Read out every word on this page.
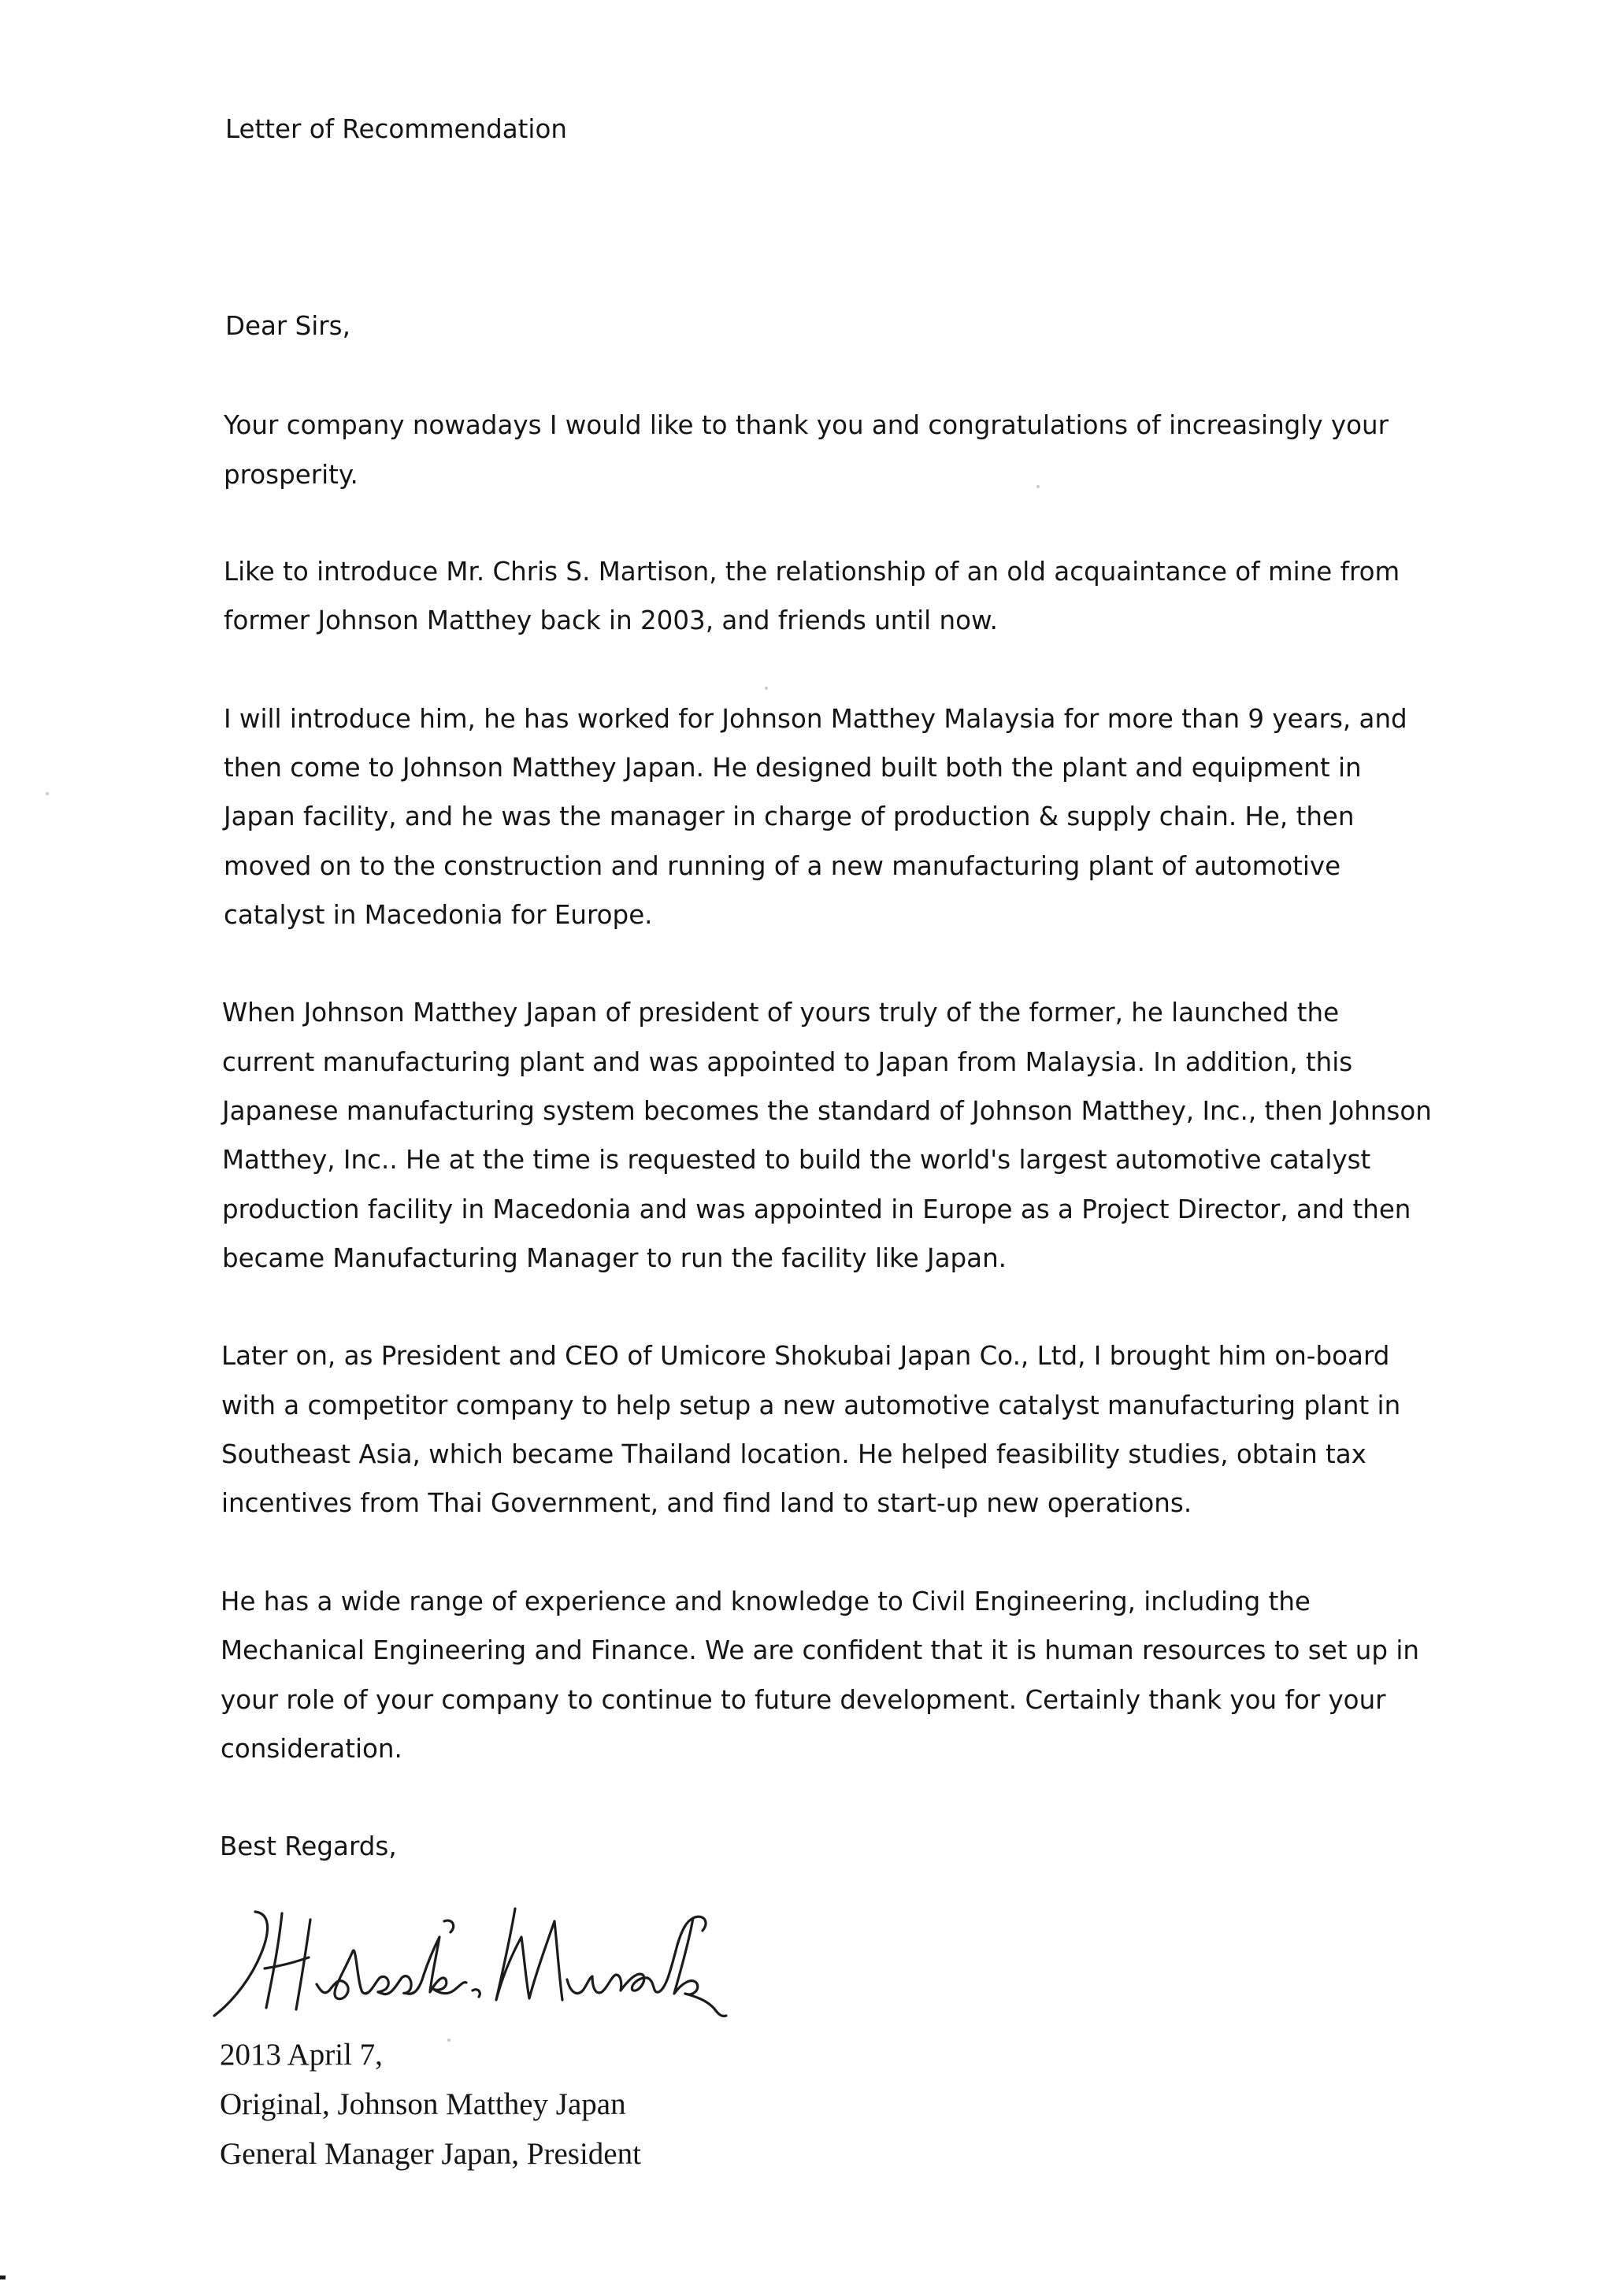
Letter of Recommendation

Dear Sirs,

Your company nowadays I would like to thank you and congratulations of increasingly your

prosperity.

Like to introduce Mr. Chris S. Martison, the relationship of an old acquaintance of mine from

former Johnson Matthey back in 2003, and friends until now.

I will introduce him, he has worked for Johnson Matthey Malaysia for more than 9 years, and

then come to Johnson Matthey Japan. He designed built both the plant and equipment in

Japan facility, and he was the manager in charge of production & supply chain. He, then

moved on to the construction and running of a new manufacturing plant of automotive

catalyst in Macedonia for Europe.

When Johnson Matthey Japan of president of yours truly of the former, he launched the

current manufacturing plant and was appointed to Japan from Malaysia. In addition, this

Japanese manufacturing system becomes the standard of Johnson Matthey, Inc., then Johnson

Matthey, Inc.. He at the time is requested to build the world's largest automotive catalyst

production facility in Macedonia and was appointed in Europe as a Project Director, and then

became Manufacturing Manager to run the facility like Japan.

Later on, as President and CEO of Umicore Shokubai Japan Co., Ltd, I brought him on-board

with a competitor company to help setup a new automotive catalyst manufacturing plant in

Southeast Asia, which became Thailand location. He helped feasibility studies, obtain tax

incentives from Thai Government, and find land to start-up new operations.

He has a wide range of experience and knowledge to Civil Engineering, including the

Mechanical Engineering and Finance. We are confident that it is human resources to set up in

your role of your company to continue to future development. Certainly thank you for your

consideration.

Best Regards,

2013 April 7,

Original, Johnson Matthey Japan

General Manager Japan, President
